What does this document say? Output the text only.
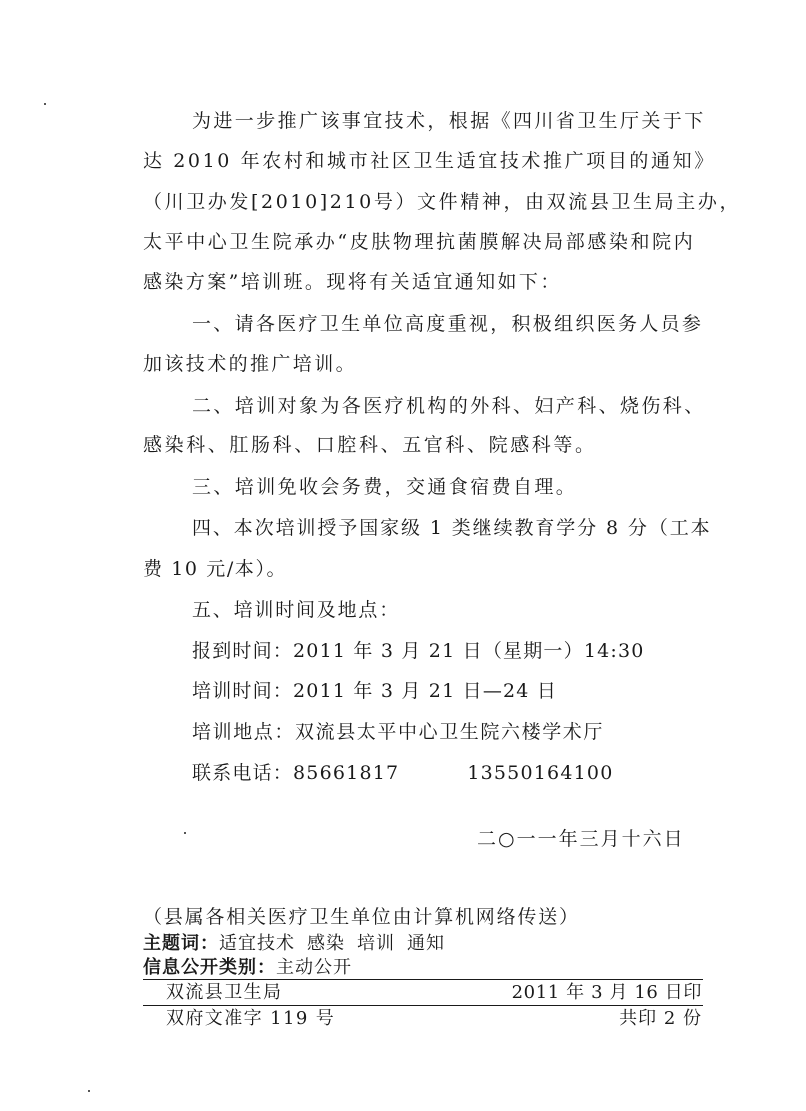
为进一步推广该事宜技术，根据《四川省卫生厅关于下
达 2010 年农村和城市社区卫生适宜技术推广项目的通知》
（川卫办发[2010]210号）文件精神，由双流县卫生局主办，
太平中心卫生院承办“皮肤物理抗菌膜解决局部感染和院内
感染方案”培训班。现将有关适宜通知如下：
一、请各医疗卫生单位高度重视，积极组织医务人员参
加该技术的推广培训。
二、培训对象为各医疗机构的外科、妇产科、烧伤科、
感染科、肛肠科、口腔科、五官科、院感科等。
三、培训免收会务费，交通食宿费自理。
四、本次培训授予国家级 1 类继续教育学分 8 分（工本
费 10 元/本）。
五、培训时间及地点：
报到时间：2011 年 3 月 21 日（星期一）14:30
培训时间：2011 年 3 月 21 日—24 日
培训地点：双流县太平中心卫生院六楼学术厅
联系电话：85661817	13550164100
二○一一年三月十六日
（县属各相关医疗卫生单位由计算机网络传送）
主题词：适宜技术 感染 培训 通知
信息公开类别：主动公开
双流县卫生局	2011 年 3 月 16 日印
双府文准字 119 号	共印 2 份
